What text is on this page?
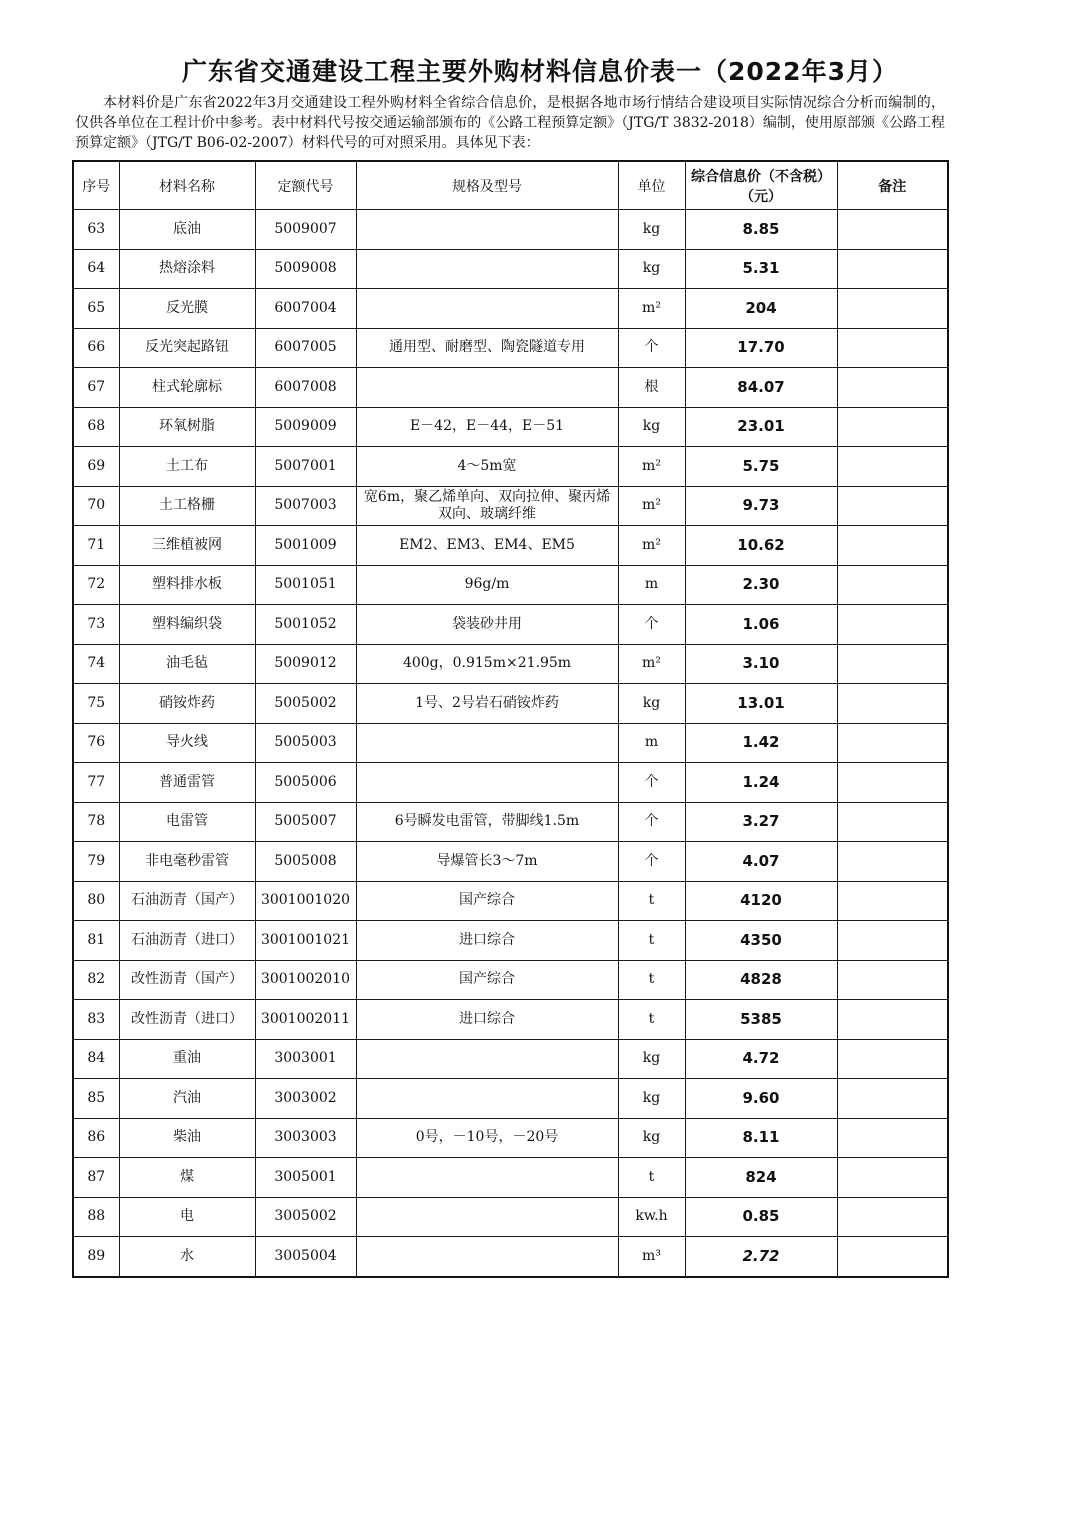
广东省交通建设工程主要外购材料信息价表一（2022年3月）
本材料价是广东省2022年3月交通建设工程外购材料全省综合信息价，是根据各地市场行情结合建设项目实际情况综合分析而编制的，仅供各单位在工程计价中参考。表中材料代号按交通运输部颁布的《公路工程预算定额》（JTG/T 3832-2018）编制，使用原部颁《公路工程预算定额》（JTG/T B06-02-2007）材料代号的可对照采用。具体见下表：
序号	材料名称	定额代号	规格及型号	单位	综合信息价（不含税）（元）	备注
63	底油	5009007		kg	8.85	
64	热熔涂料	5009008		kg	5.31	
65	反光膜	6007004		m²	204	
66	反光突起路钮	6007005	通用型、耐磨型、陶瓷隧道专用	个	17.70	
67	柱式轮廓标	6007008		根	84.07	
68	环氧树脂	5009009	E－42，E－44，E－51	kg	23.01	
69	土工布	5007001	4～5m宽	m²	5.75	
70	土工格栅	5007003	宽6m，聚乙烯单向、双向拉伸、聚丙烯双向、玻璃纤维	m²	9.73	
71	三维植被网	5001009	EM2、EM3、EM4、EM5	m²	10.62	
72	塑料排水板	5001051	96g/m	m	2.30	
73	塑料编织袋	5001052	袋装砂井用	个	1.06	
74	油毛毡	5009012	400g，0.915m×21.95m	m²	3.10	
75	硝铵炸药	5005002	1号、2号岩石硝铵炸药	kg	13.01	
76	导火线	5005003		m	1.42	
77	普通雷管	5005006		个	1.24	
78	电雷管	5005007	6号瞬发电雷管，带脚线1.5m	个	3.27	
79	非电毫秒雷管	5005008	导爆管长3～7m	个	4.07	
80	石油沥青（国产）	3001001020	国产综合	t	4120	
81	石油沥青（进口）	3001001021	进口综合	t	4350	
82	改性沥青（国产）	3001002010	国产综合	t	4828	
83	改性沥青（进口）	3001002011	进口综合	t	5385	
84	重油	3003001		kg	4.72	
85	汽油	3003002		kg	9.60	
86	柴油	3003003	0号，－10号，－20号	kg	8.11	
87	煤	3005001		t	824	
88	电	3005002		kw.h	0.85	
89	水	3005004		m³	2.72	
